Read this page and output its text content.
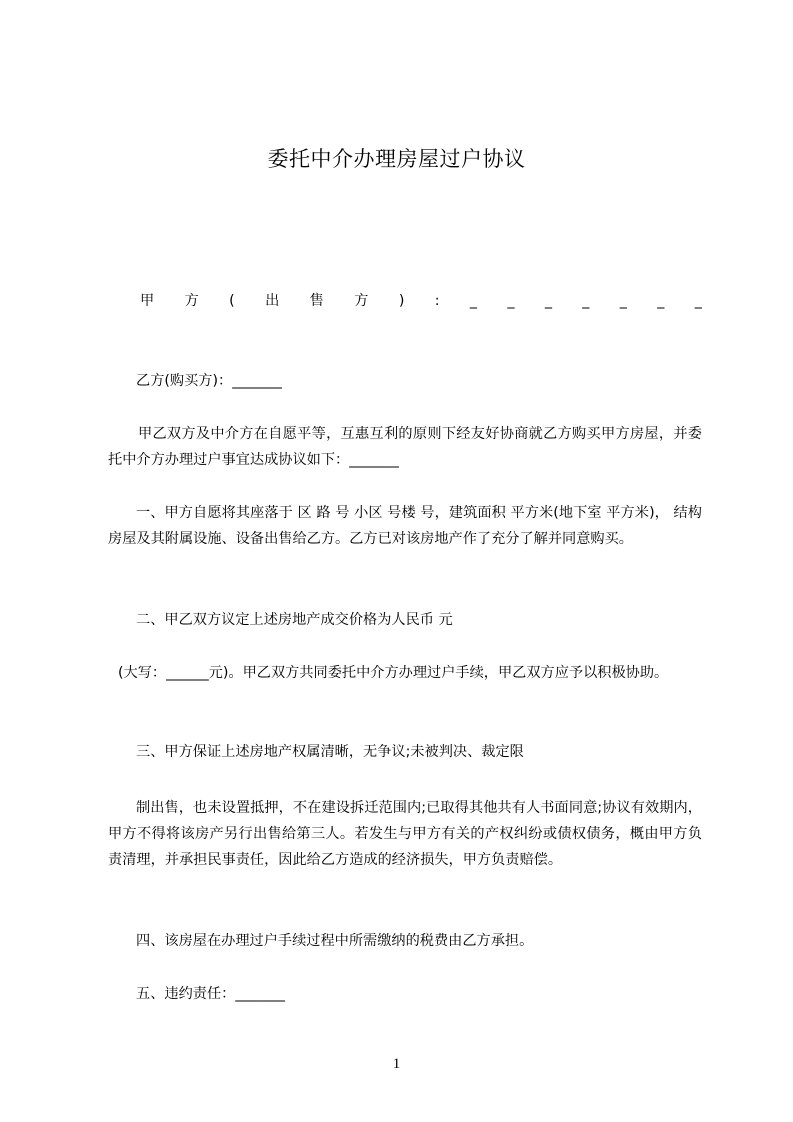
委托中介办理房屋过户协议
甲 方 ( 出 售 方 ) : _ _ _ _ _ _ _

乙方(购买方)：_______

甲乙双方及中介方在自愿平等，互惠互利的原则下经友好协商就乙方购买甲方房屋，并委托中介方办理过户事宜达成协议如下：_______

一、甲方自愿将其座落于 区 路 号 小区 号楼 号，建筑面积 平方米(地下室 平方米)， 结构房屋及其附属设施、设备出售给乙方。乙方已对该房地产作了充分了解并同意购买。

二、甲乙双方议定上述房地产成交价格为人民币 元

(大写：______元)。甲乙双方共同委托中介方办理过户手续，甲乙双方应予以积极协助。

三、甲方保证上述房地产权属清晰，无争议;未被判决、裁定限

制出售，也未设置抵押，不在建设拆迁范围内;已取得其他共有人书面同意;协议有效期内，甲方不得将该房产另行出售给第三人。若发生与甲方有关的产权纠纷或债权债务，概由甲方负责清理，并承担民事责任，因此给乙方造成的经济损失，甲方负责赔偿。

四、该房屋在办理过户手续过程中所需缴纳的税费由乙方承担。

五、违约责任：_______

1
